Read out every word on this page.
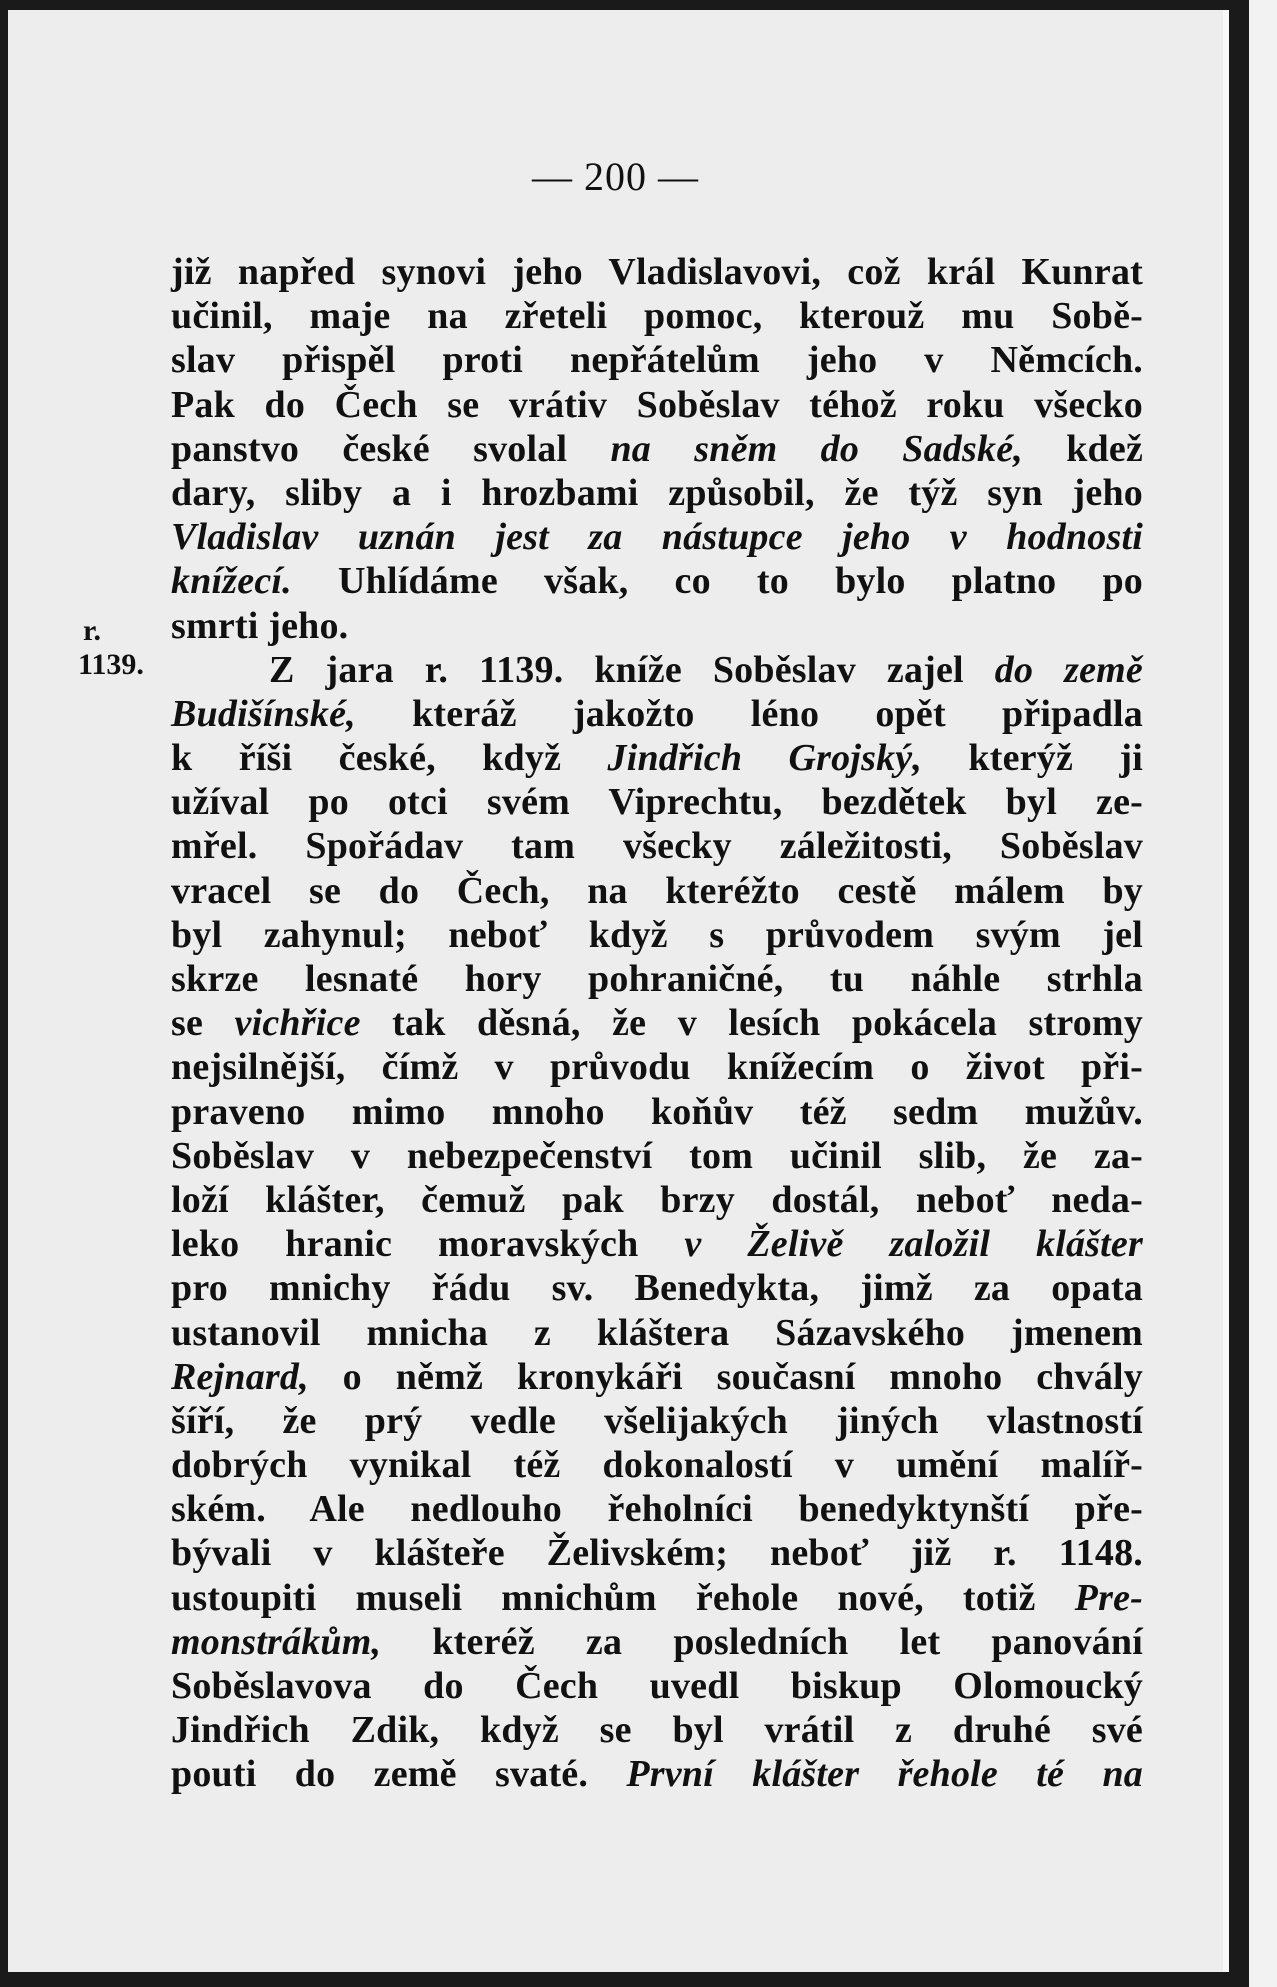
— 200 —
r.
1139.
již napřed synovi jeho Vladislavovi, což král Kunrat
učinil, maje na zřeteli pomoc, kterouž mu Sobě-
slav přispěl proti nepřátelům jeho v Němcích.
Pak do Čech se vrátiv Soběslav téhož roku všecko
panstvo české svolal na sněm do Sadské, kdež
dary, sliby a i hrozbami způsobil, že týž syn jeho
Vladislav uznán jest za nástupce jeho v hodnosti
knížecí. Uhlídáme však, co to bylo platno po
smrti jeho.
Z jara r. 1139. kníže Soběslav zajel do země
Budišínské, kteráž jakožto léno opět připadla
k říši české, když Jindřich Grojský, kterýž ji
užíval po otci svém Viprechtu, bezdětek byl ze-
mřel. Spořádav tam všecky záležitosti, Soběslav
vracel se do Čech, na kteréžto cestě málem by
byl zahynul; neboť když s průvodem svým jel
skrze lesnaté hory pohraničné, tu náhle strhla
se vichřice tak děsná, že v lesích pokácela stromy
nejsilnější, čímž v průvodu knížecím o život při-
praveno mimo mnoho koňův též sedm mužův.
Soběslav v nebezpečenství tom učinil slib, že za-
loží klášter, čemuž pak brzy dostál, neboť neda-
leko hranic moravských v Želivě založil klášter
pro mnichy řádu sv. Benedykta, jimž za opata
ustanovil mnicha z kláštera Sázavského jmenem
Rejnard, o němž kronykáři současní mnoho chvály
šíří, že prý vedle všelijakých jiných vlastností
dobrých vynikal též dokonalostí v umění malíř-
ském. Ale nedlouho řeholníci benedyktynští pře-
bývali v klášteře Želivském; neboť již r. 1148.
ustoupiti museli mnichům řehole nové, totiž Pre-
monstrákům, kteréž za posledních let panování
Soběslavova do Čech uvedl biskup Olomoucký
Jindřich Zdik, když se byl vrátil z druhé své
pouti do země svaté. První klášter řehole té na
